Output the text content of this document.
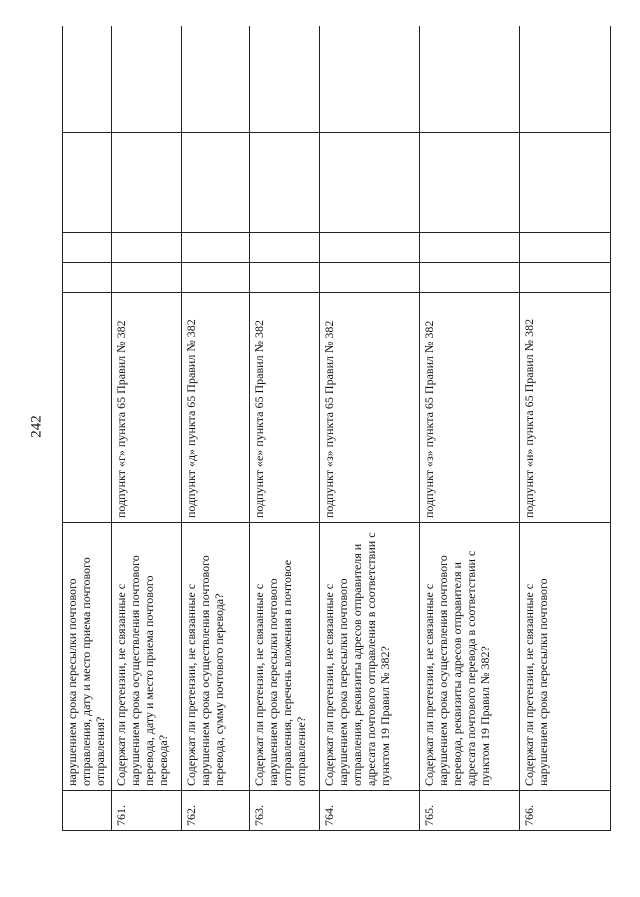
242
	нарушением срока пересылки почтового отправления, дату и место приема почтового отправления?					
761.	Содержат ли претензии, не связанные с нарушением срока осуществления почтового перевода, дату и место приема почтового перевода?	подпункт «г» пункта 65 Правил № 382				
762.	Содержат ли претензии, не связанные с нарушением срока осуществления почтового перевода, сумму почтового перевода?	подпункт «д» пункта 65 Правил № 382				
763.	Содержат ли претензии, не связанные с нарушением срока пересылки почтового отправления, перечень вложения в почтовое отправление?	подпункт «е» пункта 65 Правил № 382				
764.	Содержат ли претензии, не связанные с нарушением срока пересылки почтового отправления, реквизиты адресов отправителя и адресата почтового отправления в соответствии с пунктом 19 Правил № 382?	подпункт «з» пункта 65 Правил № 382				
765.	Содержат ли претензии, не связанные с нарушением срока осуществления почтового перевода, реквизиты адресов отправителя и адресата почтового перевода в соответствии с пунктом 19 Правил № 382?	подпункт «з» пункта 65 Правил № 382				
766.	Содержат ли претензии, не связанные с нарушением срока пересылки почтового	подпункт «и» пункта 65 Правил № 382				
